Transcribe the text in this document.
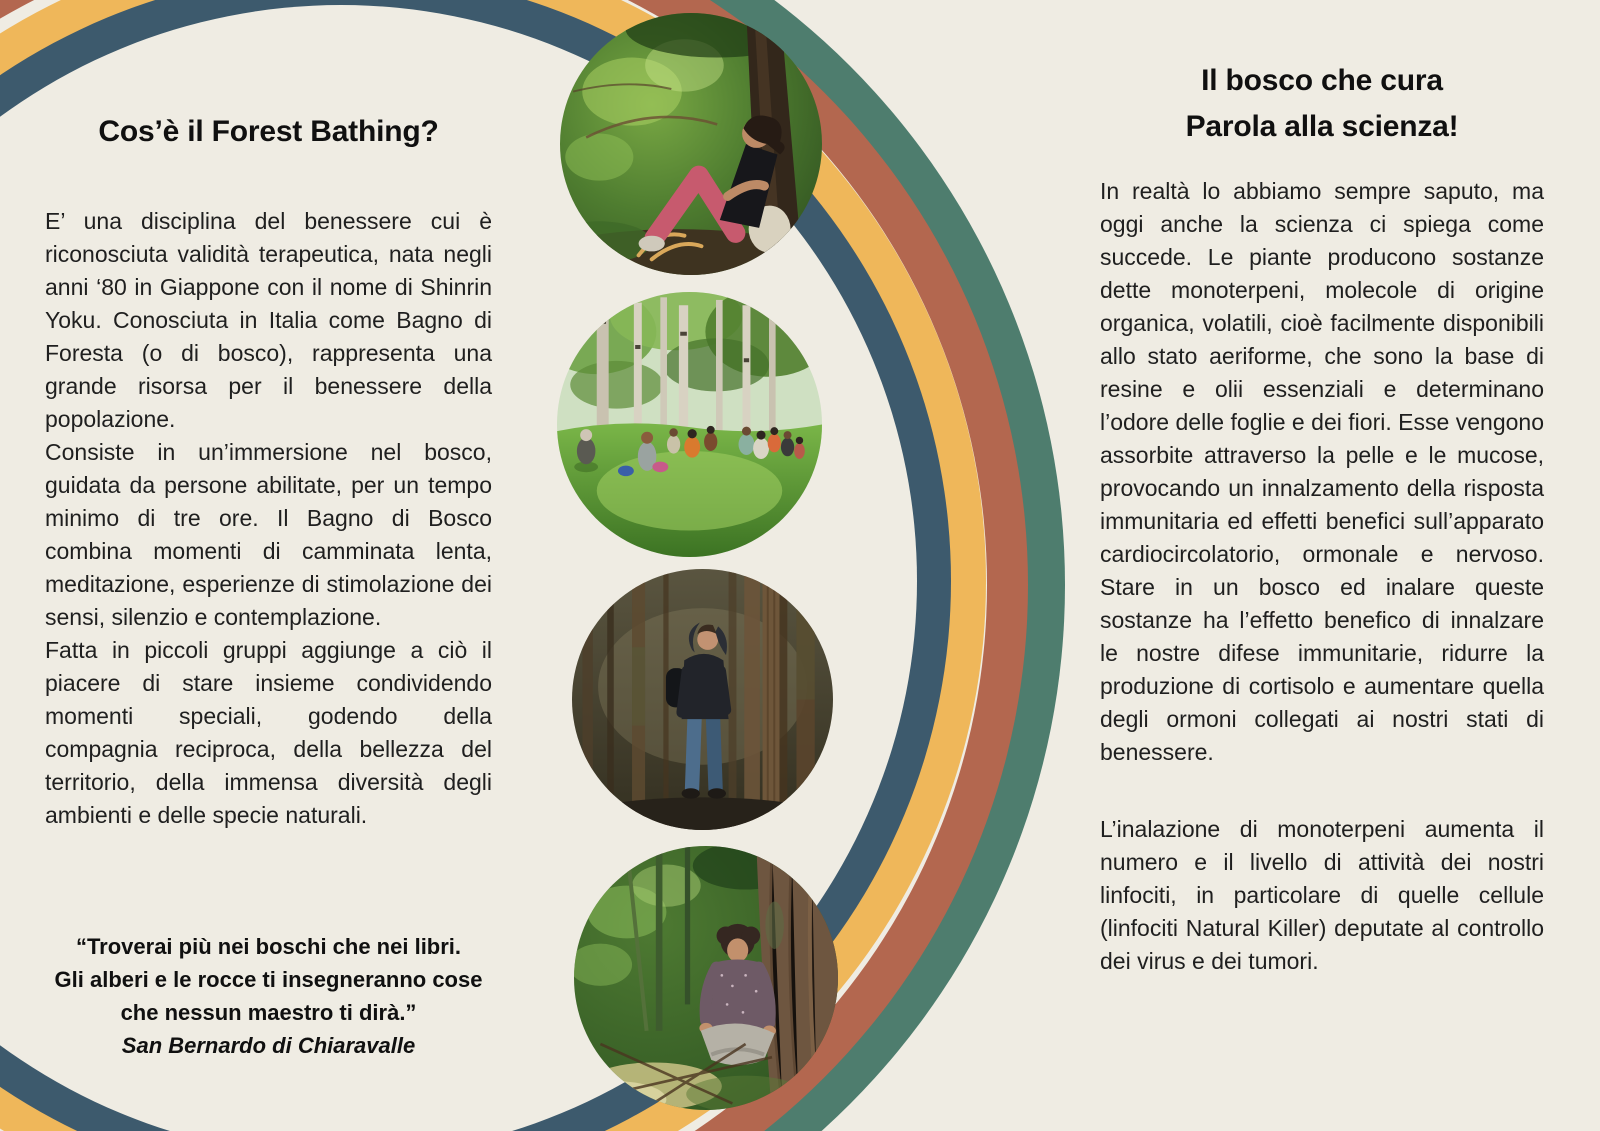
Cos’è il Forest Bathing?

E’ una disciplina del benessere cui è riconosciuta validità terapeutica, nata negli anni ‘80 in Giappone con il nome di Shinrin Yoku. Conosciuta in Italia come Bagno di Foresta (o di bosco), rappresenta una grande risorsa per il benessere della popolazione.

Consiste in un’immersione nel bosco, guidata da persone abilitate, per un tempo minimo di tre ore. Il Bagno di Bosco combina momenti di camminata lenta, meditazione, esperienze di stimolazione dei sensi, silenzio e contemplazione.

Fatta in piccoli gruppi aggiunge a ciò il piacere di stare insieme condividendo momenti speciali, godendo della compagnia reciproca, della bellezza del territorio, della immensa diversità degli ambienti e delle specie naturali.

“Troverai più nei boschi che nei libri.
Gli alberi e le rocce ti insegneranno cose
che nessun maestro ti dirà.”
San Bernardo di Chiaravalle
Il bosco che cura
Parola alla scienza!

In realtà lo abbiamo sempre saputo, ma oggi anche la scienza ci spiega come succede. Le piante producono sostanze dette monoterpeni, molecole di origine organica, volatili, cioè facilmente disponibili allo stato aeriforme, che sono la base di resine e olii essenziali e determinano l’odore delle foglie e dei fiori. Esse vengono assorbite attraverso la pelle e le mucose, provocando un innalzamento della risposta immunitaria ed effetti benefici sull’apparato cardiocircolatorio, ormonale e nervoso. Stare in un bosco ed inalare queste sostanze ha l’effetto benefico di innalzare le nostre difese immunitarie, ridurre la produzione di cortisolo e aumentare quella degli ormoni collegati ai nostri stati di benessere.

L’inalazione di monoterpeni aumenta il numero e il livello di attività dei nostri linfociti, in particolare di quelle cellule (linfociti Natural Killer) deputate al controllo dei virus e dei tumori.
